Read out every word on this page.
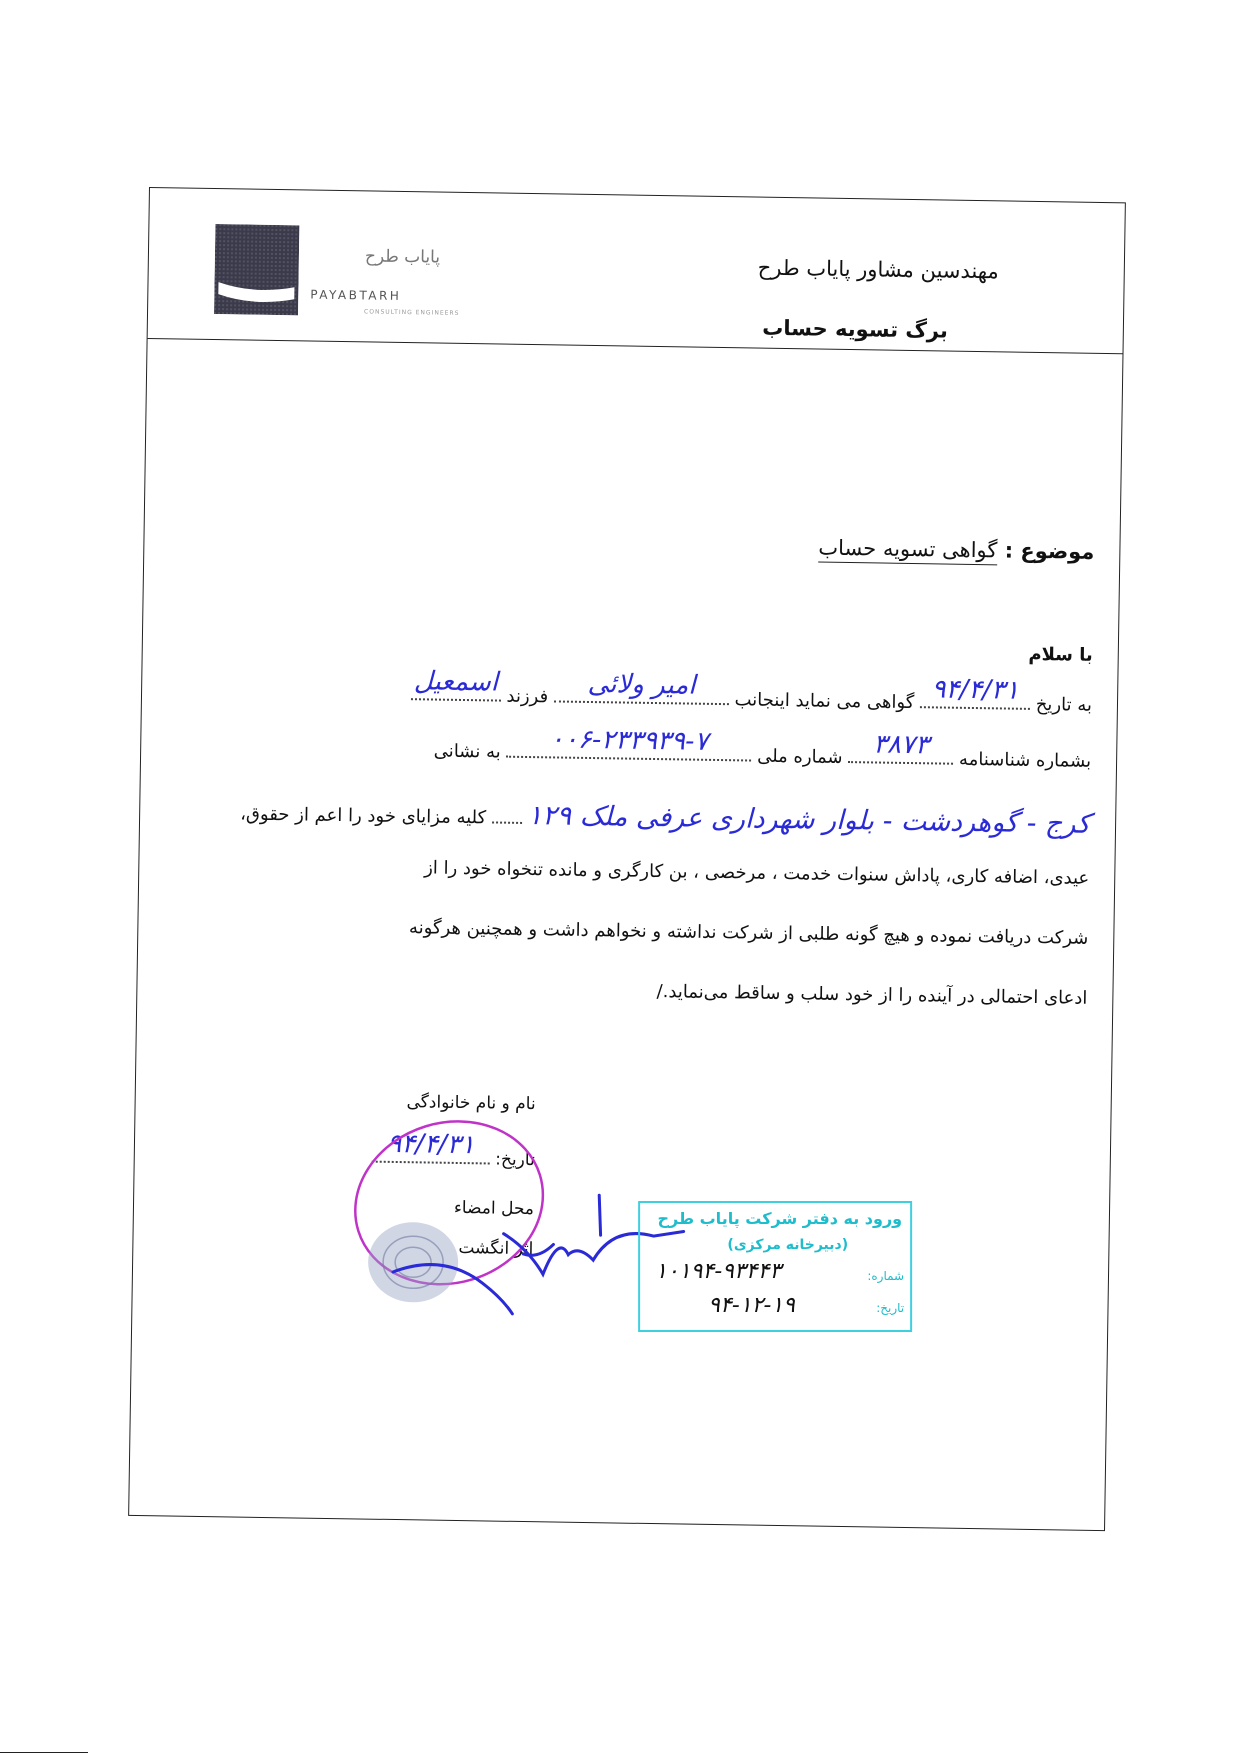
پایاب طرح
PAYABTARH
CONSULTING ENGINEERS
مهندسین مشاور پایاب طرح
برگ تسویه حساب
موضوع : گواهی تسویه حساب
با سلام
به تاریخ
۹۴/۴/۳۱
گواهی می نماید اینجانب
امیر ولائی
فرزند
اسمعیل
بشماره شناسنامه
۳۸۷۳
شماره ملی
۰۰۶-۲۳۳۹۳۹-۷
به نشانی
کرج - گوهردشت - بلوار شهرداری عرفی ملک ۱۲۹  کلیه مزایای خود را اعم از حقوق،
عیدی، اضافه کاری، پاداش سنوات خدمت ، مرخصی ، بن کارگری و مانده تنخواه خود را از
شرکت دریافت نموده و هیچ گونه طلبی از شرکت نداشته و نخواهم داشت و همچنین هرگونه
ادعای احتمالی در آینده را از خود سلب و ساقط می‌نماید./
نام و نام خانوادگی
تاریخ:
۹۴/۴/۳۱
محل امضاء
اثر انگشت
ورود به دفتر شرکت پایاب طرح
(دبیرخانه مرکزی)
شماره:
۱۰۱۹۴-۹۳۴۴۳
تاریخ:
۹۴-۱۲-۱۹
